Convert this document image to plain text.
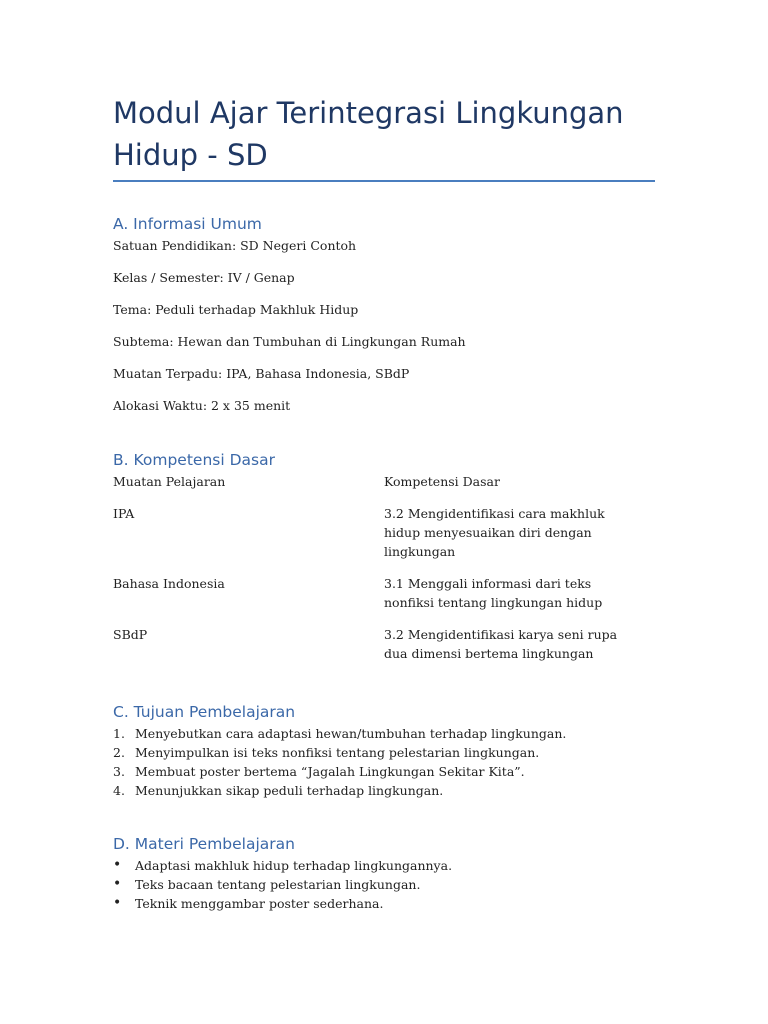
Modul Ajar Terintegrasi Lingkungan Hidup - SD
A. Informasi Umum

Satuan Pendidikan: SD Negeri Contoh

Kelas / Semester: IV / Genap

Tema: Peduli terhadap Makhluk Hidup

Subtema: Hewan dan Tumbuhan di Lingkungan Rumah

Muatan Terpadu: IPA, Bahasa Indonesia, SBdP

Alokasi Waktu: 2 x 35 menit

B. Kompetensi Dasar
Muatan Pelajaran	Kompetensi Dasar
IPA	3.2 Mengidentifikasi cara makhluk hidup menyesuaikan diri dengan lingkungan
Bahasa Indonesia	3.1 Menggali informasi dari teks nonfiksi tentang lingkungan hidup
SBdP	3.2 Mengidentifikasi karya seni rupa dua dimensi bertema lingkungan
C. Tujuan Pembelajaran
1. Menyebutkan cara adaptasi hewan/tumbuhan terhadap lingkungan.
2. Menyimpulkan isi teks nonfiksi tentang pelestarian lingkungan.
3. Membuat poster bertema “Jagalah Lingkungan Sekitar Kita”.
4. Menunjukkan sikap peduli terhadap lingkungan.
D. Materi Pembelajaran
•	Adaptasi makhluk hidup terhadap lingkungannya.
•	Teks bacaan tentang pelestarian lingkungan.
•	Teknik menggambar poster sederhana.
